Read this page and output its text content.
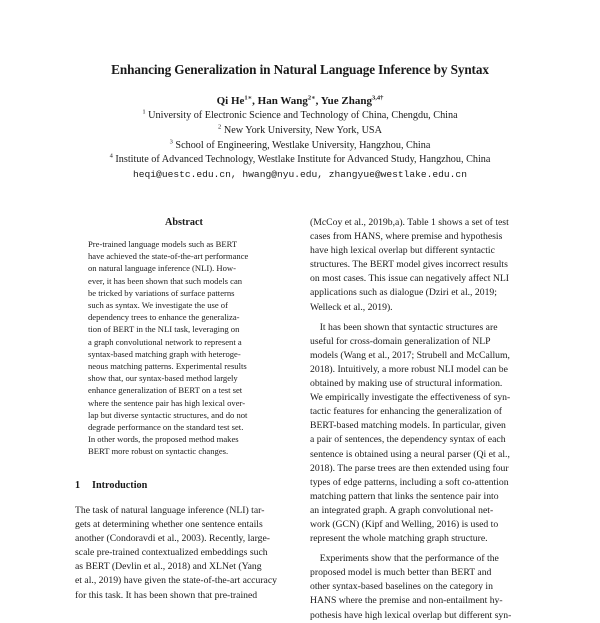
Enhancing Generalization in Natural Language Inference by Syntax
Qi $He^{1∗}$, Han Wang$^{2∗}$, Yue Zhang$^{3,4\dagger}$
$^1$ University of Electronic Science and Technology of China, Chengdu, China
$^2$ New York University, New York, USA
$^3$ School of Engineering, Westlake University, Hangzhou, China
$^4$ Institute of Advanced Technology, Westlake Institute for Advanced Study, Hangzhou, China
heqi@uestc.edu.cn, hwang@nyu.edu, zhangyue@westlake.edu.cn
Abstract
Pre-trained language models such as BERT
have achieved the state-of-the-art performance
on natural language inference (NLI). How-
ever, it has been shown that such models can
be tricked by variations of surface patterns
such as syntax. We investigate the use of
dependency trees to enhance the generaliza-
tion of BERT in the NLI task, leveraging on
a graph convolutional network to represent a
syntax-based matching graph with heteroge-
neous matching patterns. Experimental results
show that, our syntax-based method largely
enhance generalization of BERT on a test set
where the sentence pair has high lexical over-
lap but diverse syntactic structures, and do not
degrade performance on the standard test set.
In other words, the proposed method makes
BERT more robust on syntactic changes.
1 Introduction
The task of natural language inference (NLI) tar-
gets at determining whether one sentence entails
another (Condoravdi et al., 2003). Recently, large-
scale pre-trained contextualized embeddings such
as BERT (Devlin et al., 2018) and XLNet (Yang
et al., 2019) have given the state-of-the-art accuracy
for this task. It has been shown that pre-trained
(McCoy et al., 2019b,a). Table 1 shows a set of test
cases from HANS, where premise and hypothesis
have high lexical overlap but different syntactic
structures. The BERT model gives incorrect results
on most cases. This issue can negatively affect NLI
applications such as dialogue (Dziri et al., 2019;
Welleck et al., 2019).
It has been shown that syntactic structures are
useful for cross-domain generalization of NLP
models (Wang et al., 2017; Strubell and McCallum,
2018). Intuitively, a more robust NLI model can be
obtained by making use of structural information.
We empirically investigate the effectiveness of syn-
tactic features for enhancing the generalization of
BERT-based matching models. In particular, given
a pair of sentences, the dependency syntax of each
sentence is obtained using a neural parser (Qi et al.,
2018). The parse trees are then extended using four
types of edge patterns, including a soft co-attention
matching pattern that links the sentence pair into
an integrated graph. A graph convolutional net-
work (GCN) (Kipf and Welling, 2016) is used to
represent the whole matching graph structure.
Experiments show that the performance of the
proposed model is much better than BERT and
other syntax-based baselines on the category in
HANS where the premise and non-entailment hy-
pothesis have high lexical overlap but different syn-
